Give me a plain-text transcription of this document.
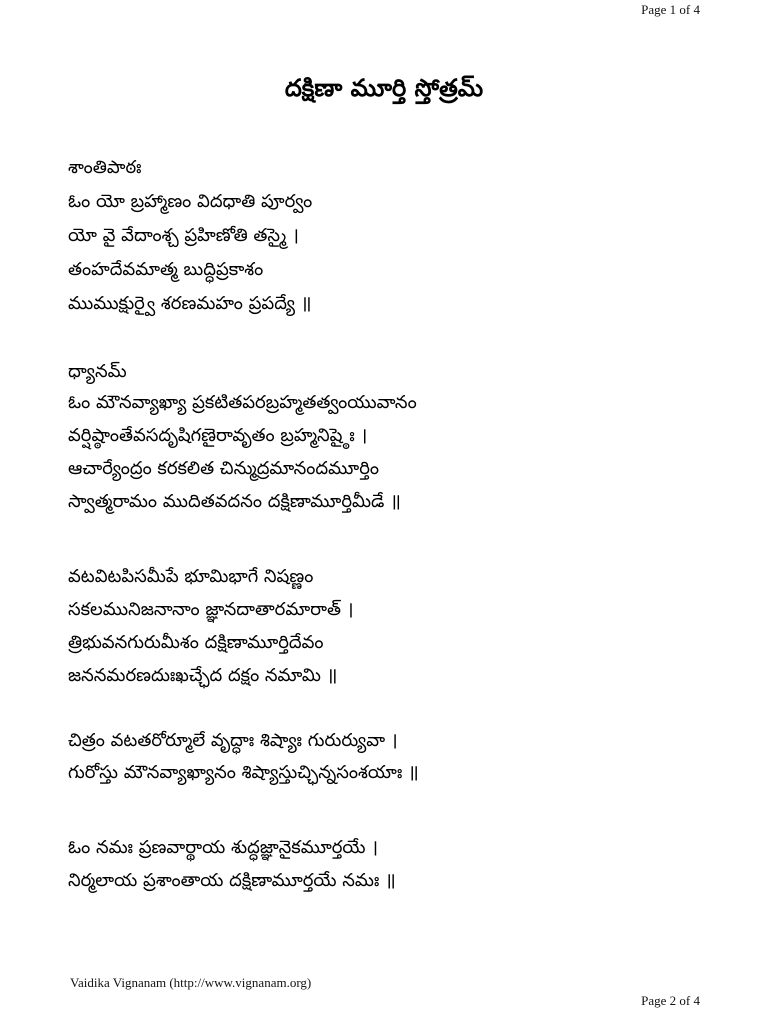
Page 1 of 4
దక్షిణా మూర్తి స్తోత్రమ్
శాంతిపాఠః
ఓం యో బ్రహ్మాణం విదధాతి పూర్వం
యో వై వేదాంశ్చ ప్రహిణోతి తస్మై ।
తంహదేవమాత్మ బుద్ధిప్రకాశం
ముముక్షుర్వై శరణమహం ప్రపద్యే ॥
ధ్యానమ్
ఓం మౌనవ్యాఖ్యా ప్రకటితపరబ్రహ్మతత్వంయువానం
వర్షిష్ఠాంతేవసదృషిగణైరావృతం బ్రహ్మనిష్ఠైః ।
ఆచార్యేంద్రం కరకలిత చిన్ముద్రమానందమూర్తిం
స్వాత్మరామం ముదితవదనం దక్షిణామూర్తిమీడే ॥
వటవిటపిసమీపే భూమిభాగే నిషణ్ణం
సకలమునిజనానాం జ్ఞానదాతారమారాత్ ।
త్రిభువనగురుమీశం దక్షిణామూర్తిదేవం
జననమరణదుఃఖచ్ఛేద దక్షం నమామి ॥
చిత్రం వటతరోర్మూలే వృద్ధాః శిష్యాః గురుర్యువా ।
గురోస్తు మౌనవ్యాఖ్యానం శిష్యాస్తుచ్ఛిన్నసంశయాః ॥
ఓం నమః ప్రణవార్థాయ శుద్ధజ్ఞానైకమూర్తయే ।
నిర్మలాయ ప్రశాంతాయ దక్షిణామూర్తయే నమః ॥
Vaidika Vignanam (http://www.vignanam.org)
Page 2 of 4
